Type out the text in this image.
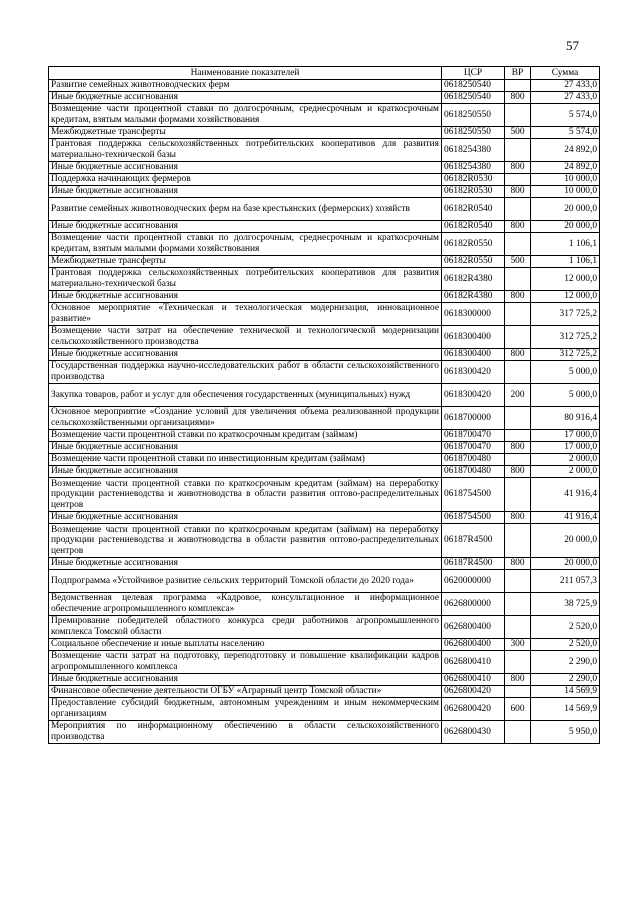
57
Наименование показателей	ЦСР	ВР	Сумма
Развитие семейных животноводческих ферм	0618250540		27 433,0
Иные бюджетные ассигнования	0618250540	800	27 433,0
Возмещение части процентной ставки по долгосрочным, среднесрочным и краткосрочным кредитам, взятым малыми формами хозяйствования	0618250550		5 574,0
Межбюджетные трансферты	0618250550	500	5 574,0
Грантовая поддержка сельскохозяйственных потребительских кооперативов для развития материально-технической базы	0618254380		24 892,0
Иные бюджетные ассигнования	0618254380	800	24 892,0
Поддержка начинающих фермеров	06182R0530		10 000,0
Иные бюджетные ассигнования	06182R0530	800	10 000,0
Развитие семейных животноводческих ферм на базе крестьянских (фермерских) хозяйств	06182R0540		20 000,0
Иные бюджетные ассигнования	06182R0540	800	20 000,0
Возмещение части процентной ставки по долгосрочным, среднесрочным и краткосрочным кредитам, взятым малыми формами хозяйствования	06182R0550		1 106,1
Межбюджетные трансферты	06182R0550	500	1 106,1
Грантовая поддержка сельскохозяйственных потребительских кооперативов для развития материально-технической базы	06182R4380		12 000,0
Иные бюджетные ассигнования	06182R4380	800	12 000,0
Основное мероприятие «Техническая и технологическая модернизация, инновационное развитие»	0618300000		317 725,2
Возмещение части затрат на обеспечение технической и технологической модернизации сельскохозяйственного производства	0618300400		312 725,2
Иные бюджетные ассигнования	0618300400	800	312 725,2
Государственная поддержка научно-исследовательских работ в области сельскохозяйственного производства	0618300420		5 000,0
Закупка товаров, работ и услуг для обеспечения государственных (муниципальных) нужд	0618300420	200	5 000,0
Основное мероприятие «Создание условий для увеличения объема реализованной продукции сельскохозяйственными организациями»	0618700000		80 916,4
Возмещение части процентной ставки по краткосрочным кредитам (займам)	0618700470		17 000,0
Иные бюджетные ассигнования	0618700470	800	17 000,0
Возмещение части процентной ставки по инвестиционным кредитам (займам)	0618700480		2 000,0
Иные бюджетные ассигнования	0618700480	800	2 000,0
Возмещение части процентной ставки по краткосрочным кредитам (займам) на переработку продукции растениеводства и животноводства в области развития оптово-распределительных центров	0618754500		41 916,4
Иные бюджетные ассигнования	0618754500	800	41 916,4
Возмещение части процентной ставки по краткосрочным кредитам (займам) на переработку продукции растениеводства и животноводства в области развития оптово-распределительных центров	06187R4500		20 000,0
Иные бюджетные ассигнования	06187R4500	800	20 000,0
Подпрограмма «Устойчивое развитие сельских территорий Томской области до 2020 года»	0620000000		211 057,3
Ведомственная целевая программа «Кадровое, консультационное и информационное обеспечение агропромышленного комплекса»	0626800000		38 725,9
Премирование победителей областного конкурса среди работников агропромышленного комплекса Томской области	0626800400		2 520,0
Социальное обеспечение и иные выплаты населению	0626800400	300	2 520,0
Возмещение части затрат на подготовку, переподготовку и повышение квалификации кадров агропромышленного комплекса	0626800410		2 290,0
Иные бюджетные ассигнования	0626800410	800	2 290,0
Финансовое обеспечение деятельности ОГБУ «Аграрный центр Томской области»	0626800420		14 569,9
Предоставление субсидий бюджетным, автономным учреждениям и иным некоммерческим организациям	0626800420	600	14 569,9
Мероприятия по информационному обеспечению в области сельскохозяйственного производства	0626800430		5 950,0
